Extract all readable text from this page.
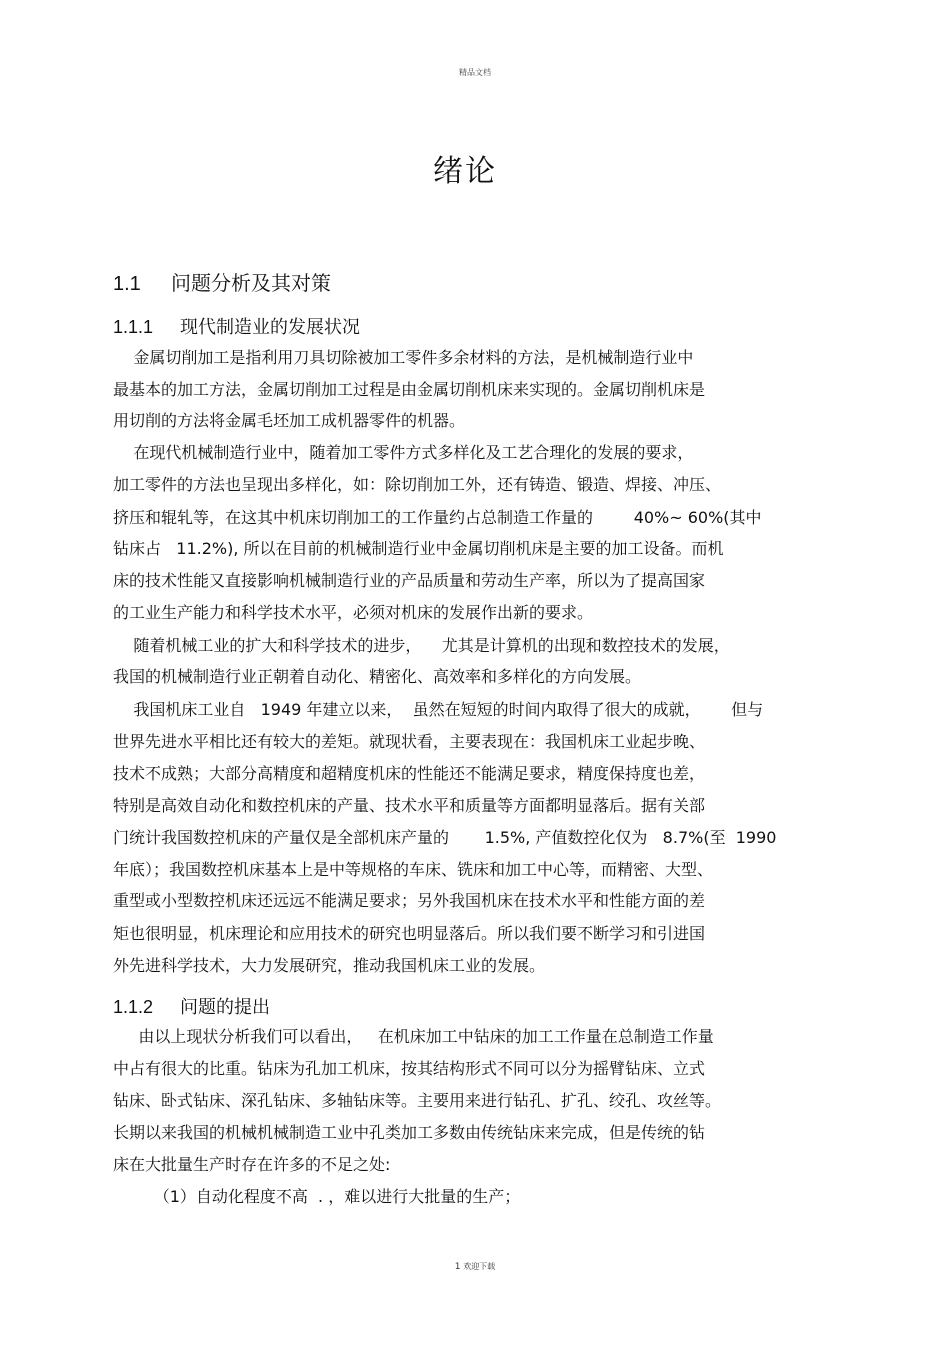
精品文档
绪论
1.1 问题分析及其对策
1.1.1 现代制造业的发展状况
金属切削加工是指利用刀具切除被加工零件多余材料的方法，是机械制造行业中
最基本的加工方法，金属切削加工过程是由金属切削机床来实现的。金属切削机床是
用切削的方法将金属毛坯加工成机器零件的机器。
在现代机械制造行业中，随着加工零件方式多样化及工艺合理化的发展的要求，
加工零件的方法也呈现出多样化，如：除切削加工外，还有铸造、锻造、焊接、冲压、
挤压和辊轧等，在这其中机床切削加工的工作量约占总制造工作量的        40%~ 60%(其中
钻床占   11.2%), 所以在目前的机械制造行业中金属切削机床是主要的加工设备。而机
床的技术性能又直接影响机械制造行业的产品质量和劳动生产率，所以为了提高国家
的工业生产能力和科学技术水平，必须对机床的发展作出新的要求。
随着机械工业的扩大和科学技术的进步，    尤其是计算机的出现和数控技术的发展，
我国的机械制造行业正朝着自动化、精密化、高效率和多样化的方向发展。
我国机床工业自   1949 年建立以来，  虽然在短短的时间内取得了很大的成就，      但与
世界先进水平相比还有较大的差矩。就现状看，主要表现在：我国机床工业起步晚、
技术不成熟；大部分高精度和超精度机床的性能还不能满足要求，精度保持度也差，
特别是高效自动化和数控机床的产量、技术水平和质量等方面都明显落后。据有关部
门统计我国数控机床的产量仅是全部机床产量的       1.5%, 产值数控化仅为   8.7%(至  1990
年底）；我国数控机床基本上是中等规格的车床、铣床和加工中心等，而精密、大型、
重型或小型数控机床还远远不能满足要求；另外我国机床在技术水平和性能方面的差
矩也很明显，机床理论和应用技术的研究也明显落后。所以我们要不断学习和引进国
外先进科学技术，大力发展研究，推动我国机床工业的发展。
1.1.2 问题的提出
由以上现状分析我们可以看出，   在机床加工中钻床的加工工作量在总制造工作量
中占有很大的比重。钻床为孔加工机床，按其结构形式不同可以分为摇臂钻床、立式
钻床、卧式钻床、深孔钻床、多轴钻床等。主要用来进行钻孔、扩孔、绞孔、攻丝等。
长期以来我国的机械机械制造工业中孔类加工多数由传统钻床来完成，但是传统的钻
床在大批量生产时存在许多的不足之处:
（1）自动化程度不高  . ，难以进行大批量的生产；
1 欢迎下载
